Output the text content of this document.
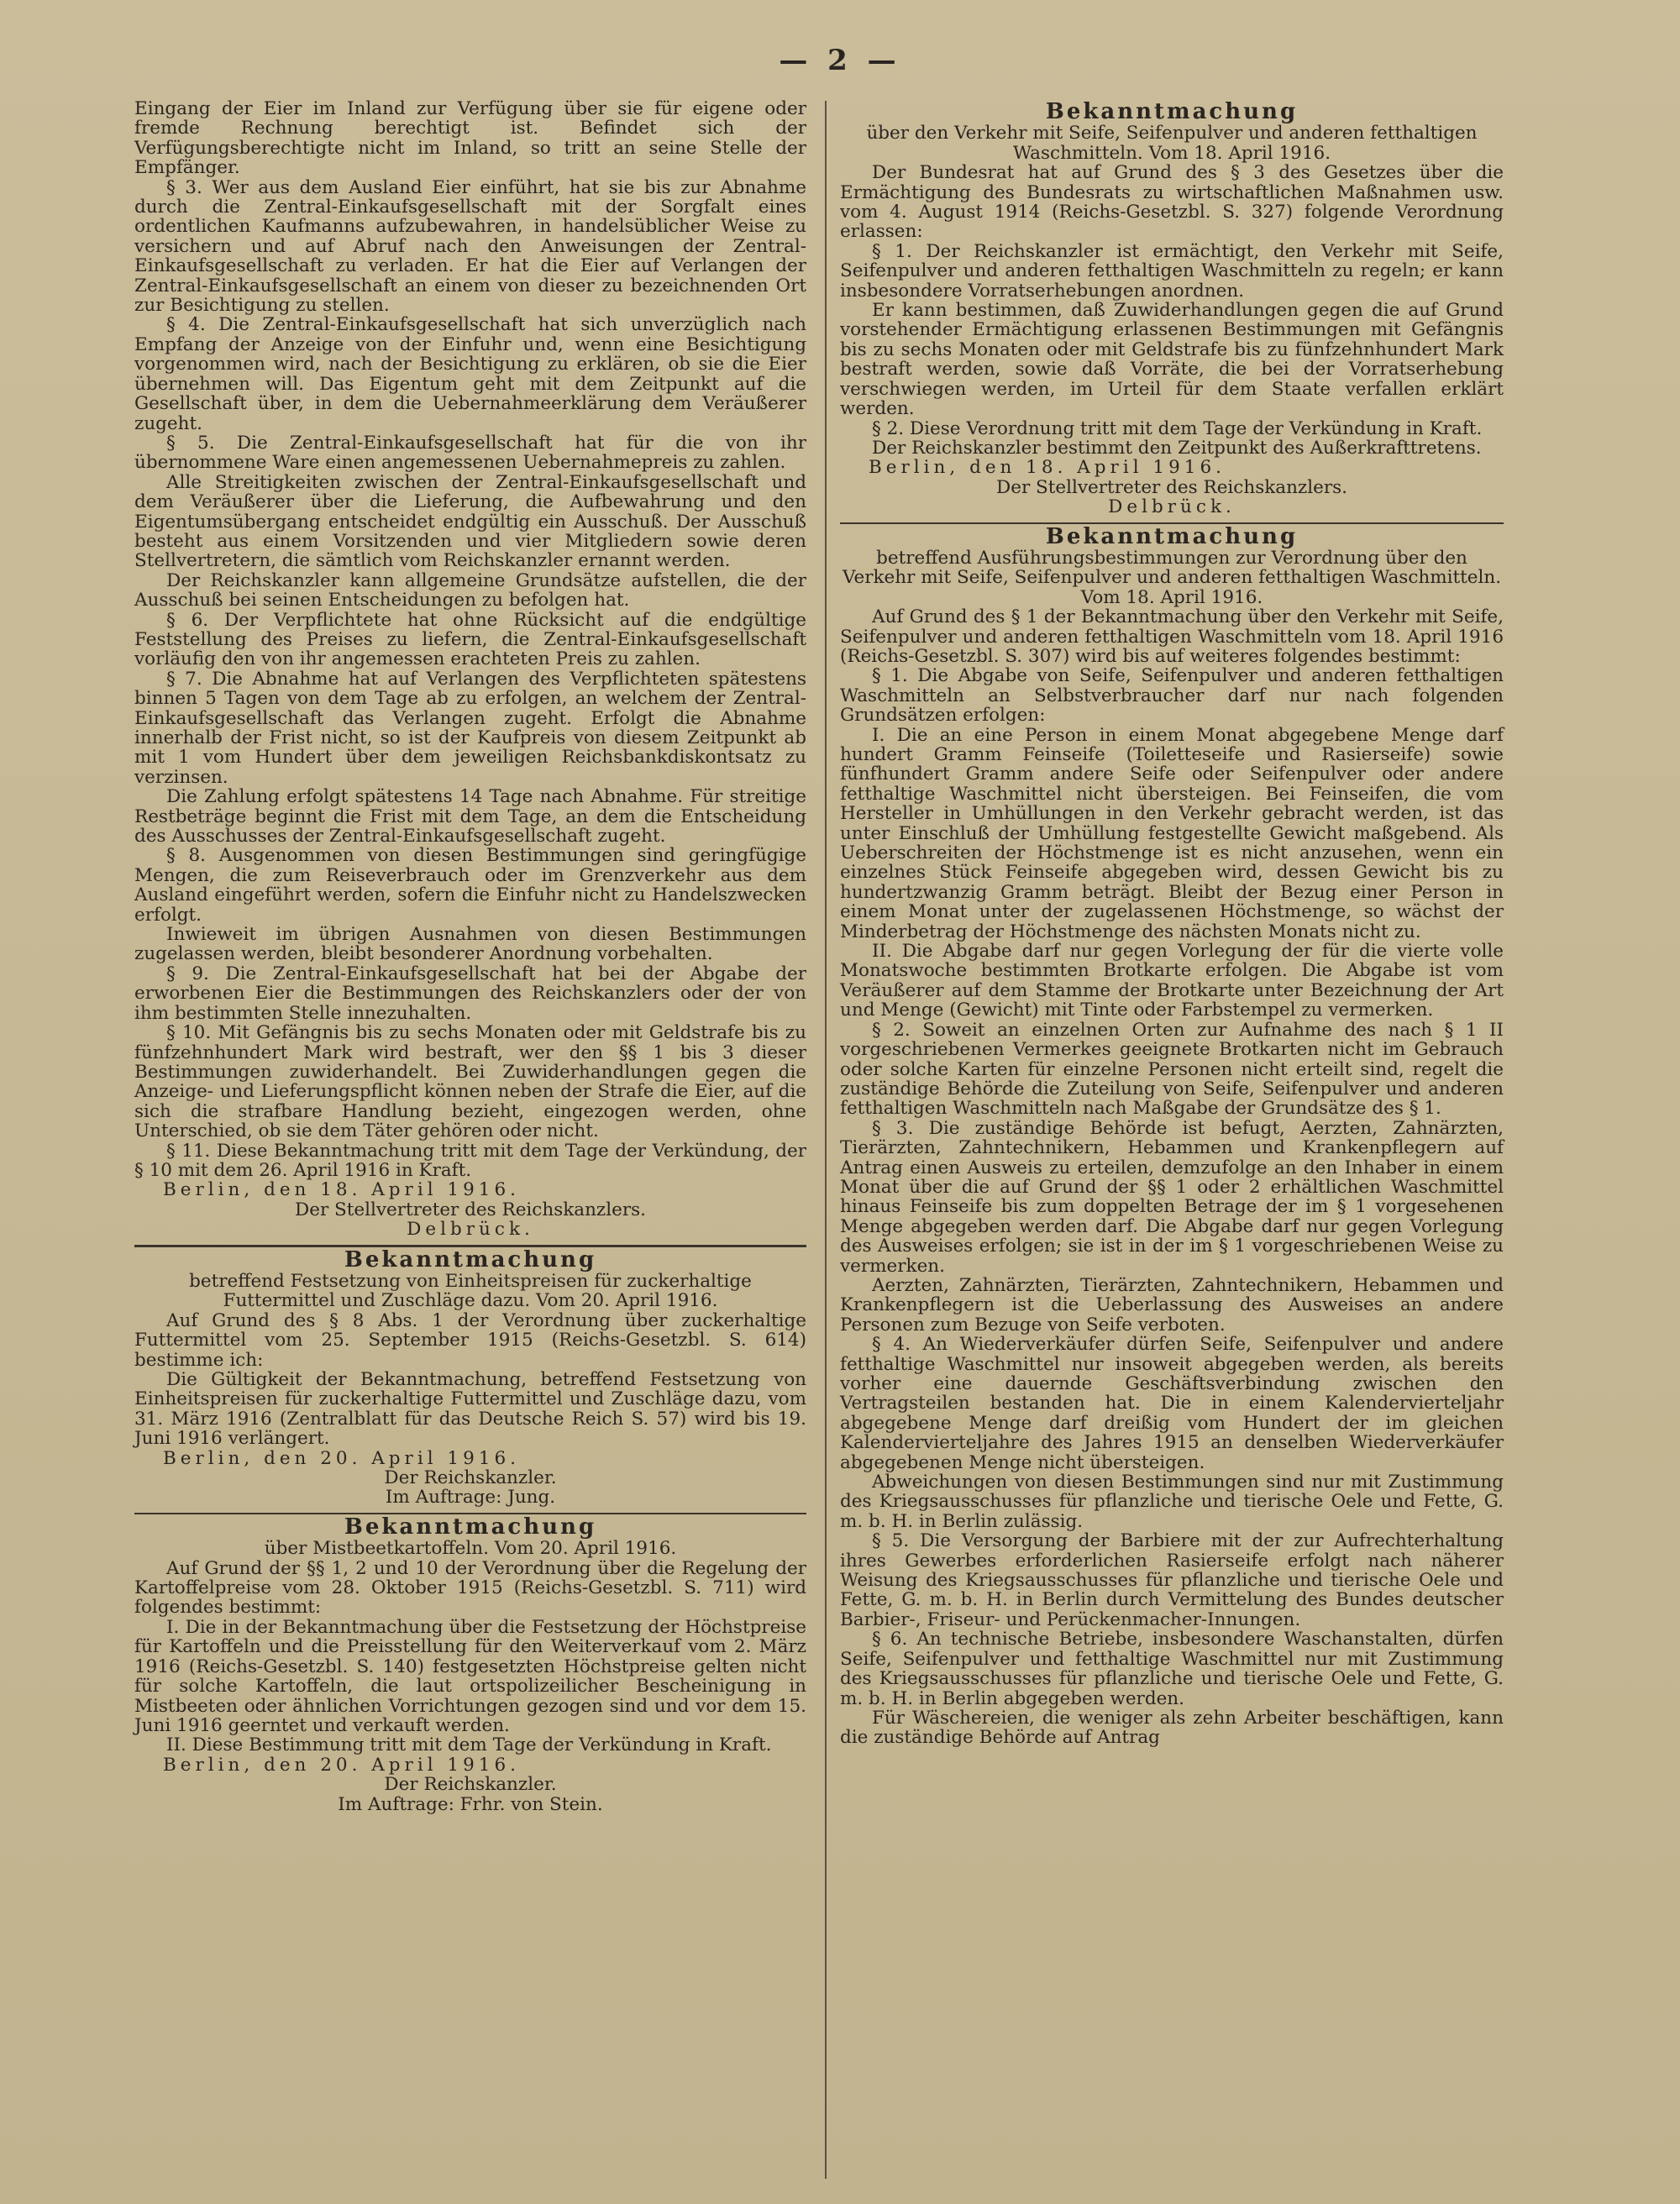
— 2 —

Eingang der Eier im Inland zur Verfügung über sie für eigene oder fremde Rechnung berechtigt ist. Befindet sich der Verfügungsberechtigte nicht im Inland, so tritt an seine Stelle der Empfänger.

§ 3. Wer aus dem Ausland Eier einführt, hat sie bis zur Abnahme durch die Zentral-Einkaufsgesellschaft mit der Sorgfalt eines ordentlichen Kaufmanns aufzubewahren, in handelsüblicher Weise zu versichern und auf Abruf nach den Anweisungen der Zentral-Einkaufsgesellschaft zu verladen. Er hat die Eier auf Verlangen der Zentral-Einkaufsgesellschaft an einem von dieser zu bezeichnenden Ort zur Besichtigung zu stellen.

§ 4. Die Zentral-Einkaufsgesellschaft hat sich unverzüglich nach Empfang der Anzeige von der Einfuhr und, wenn eine Besichtigung vorgenommen wird, nach der Besichtigung zu erklären, ob sie die Eier übernehmen will. Das Eigentum geht mit dem Zeitpunkt auf die Gesellschaft über, in dem die Uebernahmeerklärung dem Veräußerer zugeht.

§ 5. Die Zentral-Einkaufsgesellschaft hat für die von ihr übernommene Ware einen angemessenen Uebernahmepreis zu zahlen.

Alle Streitigkeiten zwischen der Zentral-Einkaufsgesellschaft und dem Veräußerer über die Lieferung, die Aufbewahrung und den Eigentumsübergang entscheidet endgültig ein Ausschuß. Der Ausschuß besteht aus einem Vorsitzenden und vier Mitgliedern sowie deren Stellvertretern, die sämtlich vom Reichskanzler ernannt werden.

Der Reichskanzler kann allgemeine Grundsätze aufstellen, die der Ausschuß bei seinen Entscheidungen zu befolgen hat.

§ 6. Der Verpflichtete hat ohne Rücksicht auf die endgültige Feststellung des Preises zu liefern, die Zentral-Einkaufsgesellschaft vorläufig den von ihr angemessen erachteten Preis zu zahlen.

§ 7. Die Abnahme hat auf Verlangen des Verpflichteten spätestens binnen 5 Tagen von dem Tage ab zu erfolgen, an welchem der Zentral-Einkaufsgesellschaft das Verlangen zugeht. Erfolgt die Abnahme innerhalb der Frist nicht, so ist der Kaufpreis von diesem Zeitpunkt ab mit 1 vom Hundert über dem jeweiligen Reichsbankdiskontsatz zu verzinsen.

Die Zahlung erfolgt spätestens 14 Tage nach Abnahme. Für streitige Restbeträge beginnt die Frist mit dem Tage, an dem die Entscheidung des Ausschusses der Zentral-Einkaufsgesellschaft zugeht.

§ 8. Ausgenommen von diesen Bestimmungen sind geringfügige Mengen, die zum Reiseverbrauch oder im Grenzverkehr aus dem Ausland eingeführt werden, sofern die Einfuhr nicht zu Handelszwecken erfolgt.

Inwieweit im übrigen Ausnahmen von diesen Bestimmungen zugelassen werden, bleibt besonderer Anordnung vorbehalten.

§ 9. Die Zentral-Einkaufsgesellschaft hat bei der Abgabe der erworbenen Eier die Bestimmungen des Reichskanzlers oder der von ihm bestimmten Stelle innezuhalten.

§ 10. Mit Gefängnis bis zu sechs Monaten oder mit Geldstrafe bis zu fünfzehnhundert Mark wird bestraft, wer den §§ 1 bis 3 dieser Bestimmungen zuwiderhandelt. Bei Zuwiderhandlungen gegen die Anzeige- und Lieferungspflicht können neben der Strafe die Eier, auf die sich die strafbare Handlung bezieht, eingezogen werden, ohne Unterschied, ob sie dem Täter gehören oder nicht.

§ 11. Diese Bekanntmachung tritt mit dem Tage der Verkündung, der § 10 mit dem 26. April 1916 in Kraft.

Berlin, den 18. April 1916.

Der Stellvertreter des Reichskanzlers.

Delbrück.

Bekanntmachung

betreffend Festsetzung von Einheitspreisen für zuckerhaltige Futtermittel und Zuschläge dazu. Vom 20. April 1916.

Auf Grund des § 8 Abs. 1 der Verordnung über zuckerhaltige Futtermittel vom 25. September 1915 (Reichs-Gesetzbl. S. 614) bestimme ich:

Die Gültigkeit der Bekanntmachung, betreffend Festsetzung von Einheitspreisen für zuckerhaltige Futtermittel und Zuschläge dazu, vom 31. März 1916 (Zentralblatt für das Deutsche Reich S. 57) wird bis 19. Juni 1916 verlängert.

Berlin, den 20. April 1916.

Der Reichskanzler.

Im Auftrage: Jung.

Bekanntmachung

über Mistbeetkartoffeln. Vom 20. April 1916.

Auf Grund der §§ 1, 2 und 10 der Verordnung über die Regelung der Kartoffelpreise vom 28. Oktober 1915 (Reichs-Gesetzbl. S. 711) wird folgendes bestimmt:

I. Die in der Bekanntmachung über die Festsetzung der Höchstpreise für Kartoffeln und die Preisstellung für den Weiterverkauf vom 2. März 1916 (Reichs-Gesetzbl. S. 140) festgesetzten Höchstpreise gelten nicht für solche Kartoffeln, die laut ortspolizeilicher Bescheinigung in Mistbeeten oder ähnlichen Vorrichtungen gezogen sind und vor dem 15. Juni 1916 geerntet und verkauft werden.

II. Diese Bestimmung tritt mit dem Tage der Verkündung in Kraft.

Berlin, den 20. April 1916.

Der Reichskanzler.

Im Auftrage: Frhr. von Stein.

Bekanntmachung

über den Verkehr mit Seife, Seifenpulver und anderen fetthaltigen Waschmitteln. Vom 18. April 1916.

Der Bundesrat hat auf Grund des § 3 des Gesetzes über die Ermächtigung des Bundesrats zu wirtschaftlichen Maßnahmen usw. vom 4. August 1914 (Reichs-Gesetzbl. S. 327) folgende Verordnung erlassen:

§ 1. Der Reichskanzler ist ermächtigt, den Verkehr mit Seife, Seifenpulver und anderen fetthaltigen Waschmitteln zu regeln; er kann insbesondere Vorratserhebungen anordnen.

Er kann bestimmen, daß Zuwiderhandlungen gegen die auf Grund vorstehender Ermächtigung erlassenen Bestimmungen mit Gefängnis bis zu sechs Monaten oder mit Geldstrafe bis zu fünfzehnhundert Mark bestraft werden, sowie daß Vorräte, die bei der Vorratserhebung verschwiegen werden, im Urteil für dem Staate verfallen erklärt werden.

§ 2. Diese Verordnung tritt mit dem Tage der Verkündung in Kraft.

Der Reichskanzler bestimmt den Zeitpunkt des Außerkrafttretens.

Berlin, den 18. April 1916.

Der Stellvertreter des Reichskanzlers.

Delbrück.

Bekanntmachung

betreffend Ausführungsbestimmungen zur Verordnung über den Verkehr mit Seife, Seifenpulver und anderen fetthaltigen Waschmitteln. Vom 18. April 1916.

Auf Grund des § 1 der Bekanntmachung über den Verkehr mit Seife, Seifenpulver und anderen fetthaltigen Waschmitteln vom 18. April 1916 (Reichs-Gesetzbl. S. 307) wird bis auf weiteres folgendes bestimmt:

§ 1. Die Abgabe von Seife, Seifenpulver und anderen fetthaltigen Waschmitteln an Selbstverbraucher darf nur nach folgenden Grundsätzen erfolgen:

I. Die an eine Person in einem Monat abgegebene Menge darf hundert Gramm Feinseife (Toiletteseife und Rasierseife) sowie fünfhundert Gramm andere Seife oder Seifenpulver oder andere fetthaltige Waschmittel nicht übersteigen. Bei Feinseifen, die vom Hersteller in Umhüllungen in den Verkehr gebracht werden, ist das unter Einschluß der Umhüllung festgestellte Gewicht maßgebend. Als Ueberschreiten der Höchstmenge ist es nicht anzusehen, wenn ein einzelnes Stück Feinseife abgegeben wird, dessen Gewicht bis zu hundertzwanzig Gramm beträgt. Bleibt der Bezug einer Person in einem Monat unter der zugelassenen Höchstmenge, so wächst der Minderbetrag der Höchstmenge des nächsten Monats nicht zu.

II. Die Abgabe darf nur gegen Vorlegung der für die vierte volle Monatswoche bestimmten Brotkarte erfolgen. Die Abgabe ist vom Veräußerer auf dem Stamme der Brotkarte unter Bezeichnung der Art und Menge (Gewicht) mit Tinte oder Farbstempel zu vermerken.

§ 2. Soweit an einzelnen Orten zur Aufnahme des nach § 1 II vorgeschriebenen Vermerkes geeignete Brotkarten nicht im Gebrauch oder solche Karten für einzelne Personen nicht erteilt sind, regelt die zuständige Behörde die Zuteilung von Seife, Seifenpulver und anderen fetthaltigen Waschmitteln nach Maßgabe der Grundsätze des § 1.

§ 3. Die zuständige Behörde ist befugt, Aerzten, Zahnärzten, Tierärzten, Zahntechnikern, Hebammen und Krankenpflegern auf Antrag einen Ausweis zu erteilen, demzufolge an den Inhaber in einem Monat über die auf Grund der §§ 1 oder 2 erhältlichen Waschmittel hinaus Feinseife bis zum doppelten Betrage der im § 1 vorgesehenen Menge abgegeben werden darf. Die Abgabe darf nur gegen Vorlegung des Ausweises erfolgen; sie ist in der im § 1 vorgeschriebenen Weise zu vermerken.

Aerzten, Zahnärzten, Tierärzten, Zahntechnikern, Hebammen und Krankenpflegern ist die Ueberlassung des Ausweises an andere Personen zum Bezuge von Seife verboten.

§ 4. An Wiederverkäufer dürfen Seife, Seifenpulver und andere fetthaltige Waschmittel nur insoweit abgegeben werden, als bereits vorher eine dauernde Geschäftsverbindung zwischen den Vertragsteilen bestanden hat. Die in einem Kalendervierteljahr abgegebene Menge darf dreißig vom Hundert der im gleichen Kalendervierteljahre des Jahres 1915 an denselben Wiederverkäufer abgegebenen Menge nicht übersteigen.

Abweichungen von diesen Bestimmungen sind nur mit Zustimmung des Kriegsausschusses für pflanzliche und tierische Oele und Fette, G. m. b. H. in Berlin zulässig.

§ 5. Die Versorgung der Barbiere mit der zur Aufrechterhaltung ihres Gewerbes erforderlichen Rasierseife erfolgt nach näherer Weisung des Kriegsausschusses für pflanzliche und tierische Oele und Fette, G. m. b. H. in Berlin durch Vermittelung des Bundes deutscher Barbier-, Friseur- und Perückenmacher-Innungen.

§ 6. An technische Betriebe, insbesondere Waschanstalten, dürfen Seife, Seifenpulver und fetthaltige Waschmittel nur mit Zustimmung des Kriegsausschusses für pflanzliche und tierische Oele und Fette, G. m. b. H. in Berlin abgegeben werden.

Für Wäschereien, die weniger als zehn Arbeiter beschäftigen, kann die zuständige Behörde auf Antrag
